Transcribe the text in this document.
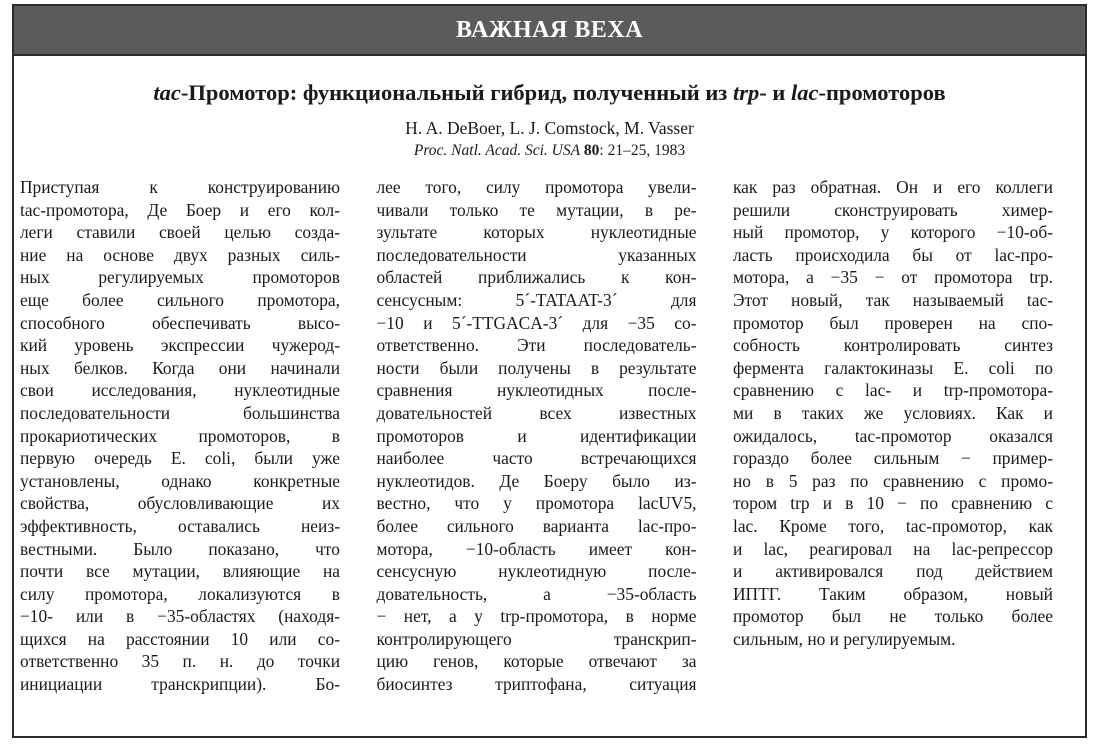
ВАЖНАЯ ВЕХА
tac-Промотор: функциональный гибрид, полученный из trp- и lac-промоторов
H. A. DeBoer, L. J. Comstock, M. Vasser
Proc. Natl. Acad. Sci. USA 80: 21–25, 1983
Приступая к конструированию
tac-промотора, Де Боер и его кол-
леги ставили своей целью созда-
ние на основе двух разных силь-
ных регулируемых промоторов
еще более сильного промотора,
способного обеспечивать высо-
кий уровень экспрессии чужерод-
ных белков. Когда они начинали
свои исследования, нуклеотидные
последовательности большинства
прокариотических промоторов, в
первую очередь E. coli, были уже
установлены, однако конкретные
свойства, обусловливающие их
эффективность, оставались неиз-
вестными. Было показано, что
почти все мутации, влияющие на
силу промотора, локализуются в
−10- или в −35-областях (находя-
щихся на расстоянии 10 или со-
ответственно 35 п. н. до точки
инициации транскрипции). Бо-
лее того, силу промотора увели-
чивали только те мутации, в ре-
зультате которых нуклеотидные
последовательности указанных
областей приближались к кон-
сенсусным: 5´-TATAAT-3´ для
−10 и 5´-TTGACA-3´ для −35 со-
ответственно. Эти последователь-
ности были получены в результате
сравнения нуклеотидных после-
довательностей всех известных
промоторов и идентификации
наиболее часто встречающихся
нуклеотидов. Де Боеру было из-
вестно, что у промотора lacUV5,
более сильного варианта lac-про-
мотора, −10-область имеет кон-
сенсусную нуклеотидную после-
довательность, а −35-область
− нет, а у trp-промотора, в норме
контролирующего транскрип-
цию генов, которые отвечают за
биосинтез триптофана, ситуация
как раз обратная. Он и его коллеги
решили сконструировать химер-
ный промотор, у которого −10-об-
ласть происходила бы от lac-про-
мотора, а −35 − от промотора trp.
Этот новый, так называемый tac-
промотор был проверен на спо-
собность контролировать синтез
фермента галактокиназы E. coli по
сравнению с lac- и trp-промотора-
ми в таких же условиях. Как и
ожидалось, tac-промотор оказался
гораздо более сильным − пример-
но в 5 раз по сравнению с промо-
тором trp и в 10 − по сравнению с
lac. Кроме того, tac-промотор, как
и lac, реагировал на lac-репрессор
и активировался под действием
ИПТГ. Таким образом, новый
промотор был не только более
сильным, но и регулируемым.
